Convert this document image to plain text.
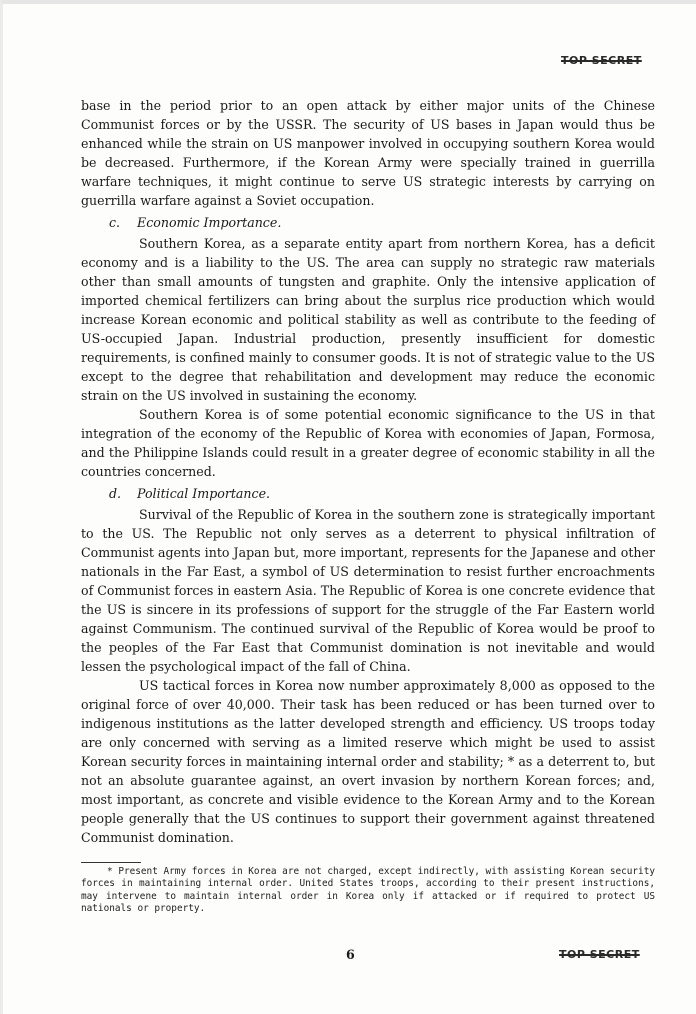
TOP SECRET

base in the period prior to an open attack by either major units of the Chinese Communist forces or by the USSR. The security of US bases in Japan would thus be enhanced while the strain on US manpower involved in occupying southern Korea would be decreased. Furthermore, if the Korean Army were specially trained in guerrilla warfare techniques, it might continue to serve US strategic interests by carrying on guerrilla warfare against a Soviet occupation.

c. Economic Importance.

Southern Korea, as a separate entity apart from northern Korea, has a deficit economy and is a liability to the US. The area can supply no strategic raw materials other than small amounts of tungsten and graphite. Only the intensive application of imported chemical fertilizers can bring about the surplus rice production which would increase Korean economic and political stability as well as contribute to the feeding of US-occupied Japan. Industrial production, presently insufficient for domestic requirements, is confined mainly to consumer goods. It is not of strategic value to the US except to the degree that rehabilitation and development may reduce the economic strain on the US involved in sustaining the economy.

Southern Korea is of some potential economic significance to the US in that integration of the economy of the Republic of Korea with economies of Japan, Formosa, and the Philippine Islands could result in a greater degree of economic stability in all the countries concerned.

d. Political Importance.

Survival of the Republic of Korea in the southern zone is strategically important to the US. The Republic not only serves as a deterrent to physical infiltration of Communist agents into Japan but, more important, represents for the Japanese and other nationals in the Far East, a symbol of US determination to resist further encroachments of Communist forces in eastern Asia. The Republic of Korea is one concrete evidence that the US is sincere in its professions of support for the struggle of the Far Eastern world against Communism. The continued survival of the Republic of Korea would be proof to the peoples of the Far East that Communist domination is not inevitable and would lessen the psychological impact of the fall of China.

US tactical forces in Korea now number approximately 8,000 as opposed to the original force of over 40,000. Their task has been reduced or has been turned over to indigenous institutions as the latter developed strength and efficiency. US troops today are only concerned with serving as a limited reserve which might be used to assist Korean security forces in maintaining internal order and stability; * as a deterrent to, but not an absolute guarantee against, an overt invasion by northern Korean forces; and, most important, as concrete and visible evidence to the Korean Army and to the Korean people generally that the US continues to support their government against threatened Communist domination.

* Present Army forces in Korea are not charged, except indirectly, with assisting Korean security forces in maintaining internal order. United States troops, according to their present instructions, may intervene to maintain internal order in Korea only if attacked or if required to protect US nationals or property.

6	TOP SECRET
